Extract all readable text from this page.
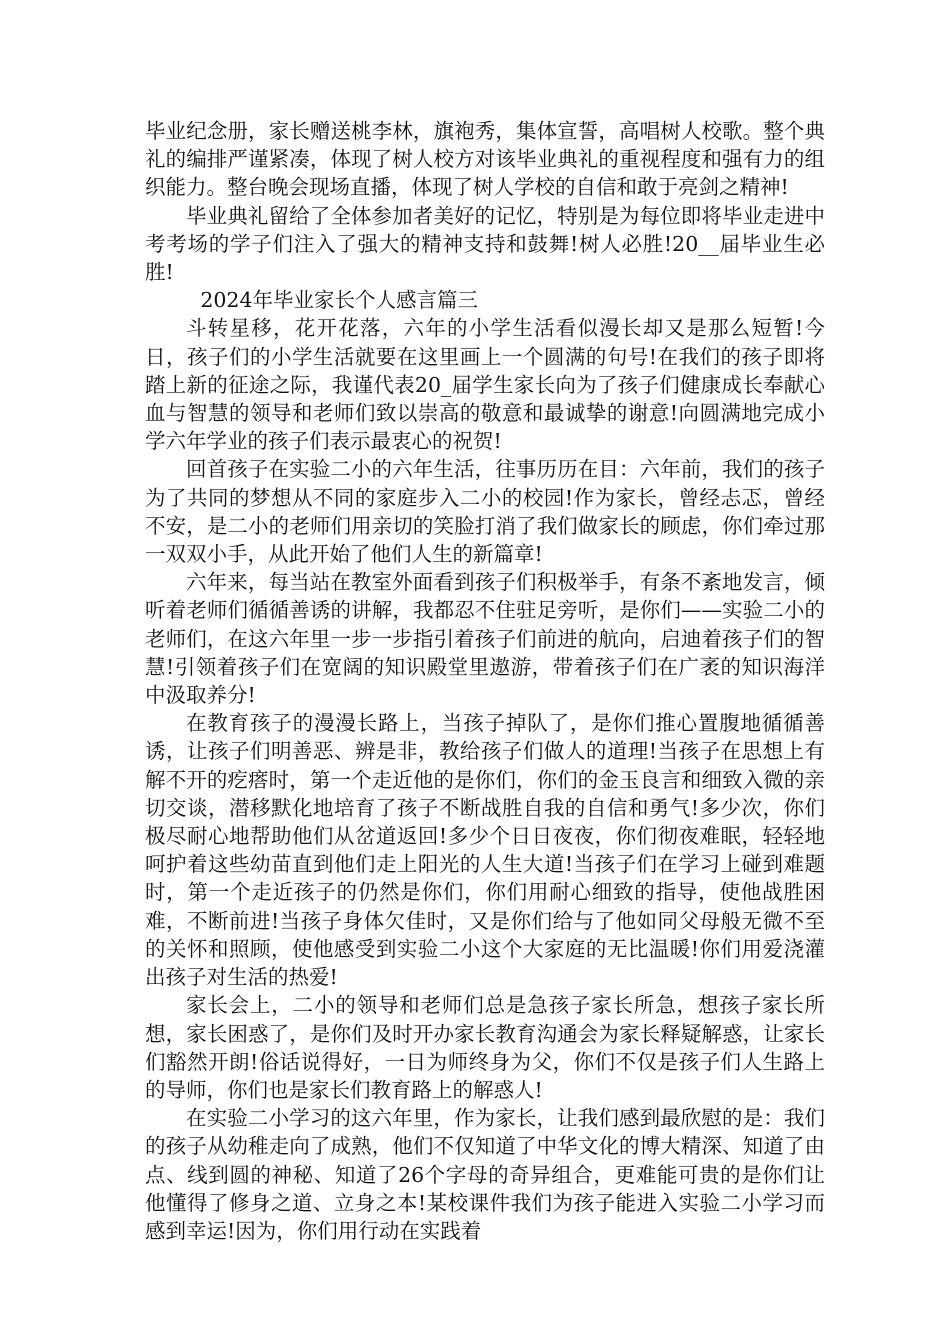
毕业纪念册，家长赠送桃李林，旗袍秀，集体宣誓，高唱树人校歌。整个典礼的编排严谨紧凑，体现了树人校方对该毕业典礼的重视程度和强有力的组织能力。整台晚会现场直播，体现了树人学校的自信和敢于亮剑之精神!

毕业典礼留给了全体参加者美好的记忆，特别是为每位即将毕业走进中考考场的学子们注入了强大的精神支持和鼓舞!树人必胜!20__届毕业生必胜!

2024年毕业家长个人感言篇三

斗转星移，花开花落，六年的小学生活看似漫长却又是那么短暂!今日，孩子们的小学生活就要在这里画上一个圆满的句号!在我们的孩子即将踏上新的征途之际，我谨代表20_届学生家长向为了孩子们健康成长奉献心血与智慧的领导和老师们致以崇高的敬意和最诚挚的谢意!向圆满地完成小学六年学业的孩子们表示最衷心的祝贺!

回首孩子在实验二小的六年生活，往事历历在目：六年前，我们的孩子为了共同的梦想从不同的家庭步入二小的校园!作为家长，曾经忐忑，曾经不安，是二小的老师们用亲切的笑脸打消了我们做家长的顾虑，你们牵过那一双双小手，从此开始了他们人生的新篇章!

六年来，每当站在教室外面看到孩子们积极举手，有条不紊地发言，倾听着老师们循循善诱的讲解，我都忍不住驻足旁听，是你们——实验二小的老师们，在这六年里一步一步指引着孩子们前进的航向，启迪着孩子们的智慧!引领着孩子们在宽阔的知识殿堂里遨游，带着孩子们在广袤的知识海洋中汲取养分!

在教育孩子的漫漫长路上，当孩子掉队了，是你们推心置腹地循循善诱，让孩子们明善恶、辨是非，教给孩子们做人的道理!当孩子在思想上有解不开的疙瘩时，第一个走近他的是你们，你们的金玉良言和细致入微的亲切交谈，潜移默化地培育了孩子不断战胜自我的自信和勇气!多少次，你们极尽耐心地帮助他们从岔道返回!多少个日日夜夜，你们彻夜难眠，轻轻地呵护着这些幼苗直到他们走上阳光的人生大道!当孩子们在学习上碰到难题时，第一个走近孩子的仍然是你们，你们用耐心细致的指导，使他战胜困难，不断前进!当孩子身体欠佳时，又是你们给与了他如同父母般无微不至的关怀和照顾，使他感受到实验二小这个大家庭的无比温暖!你们用爱浇灌出孩子对生活的热爱!

家长会上，二小的领导和老师们总是急孩子家长所急，想孩子家长所想，家长困惑了，是你们及时开办家长教育沟通会为家长释疑解惑，让家长们豁然开朗!俗话说得好，一日为师终身为父，你们不仅是孩子们人生路上的导师，你们也是家长们教育路上的解惑人!

在实验二小学习的这六年里，作为家长，让我们感到最欣慰的是：我们的孩子从幼稚走向了成熟，他们不仅知道了中华文化的博大精深、知道了由点、线到圆的神秘、知道了26个字母的奇异组合，更难能可贵的是你们让他懂得了修身之道、立身之本!某校课件我们为孩子能进入实验二小学习而感到幸运!因为，你们用行动在实践着
